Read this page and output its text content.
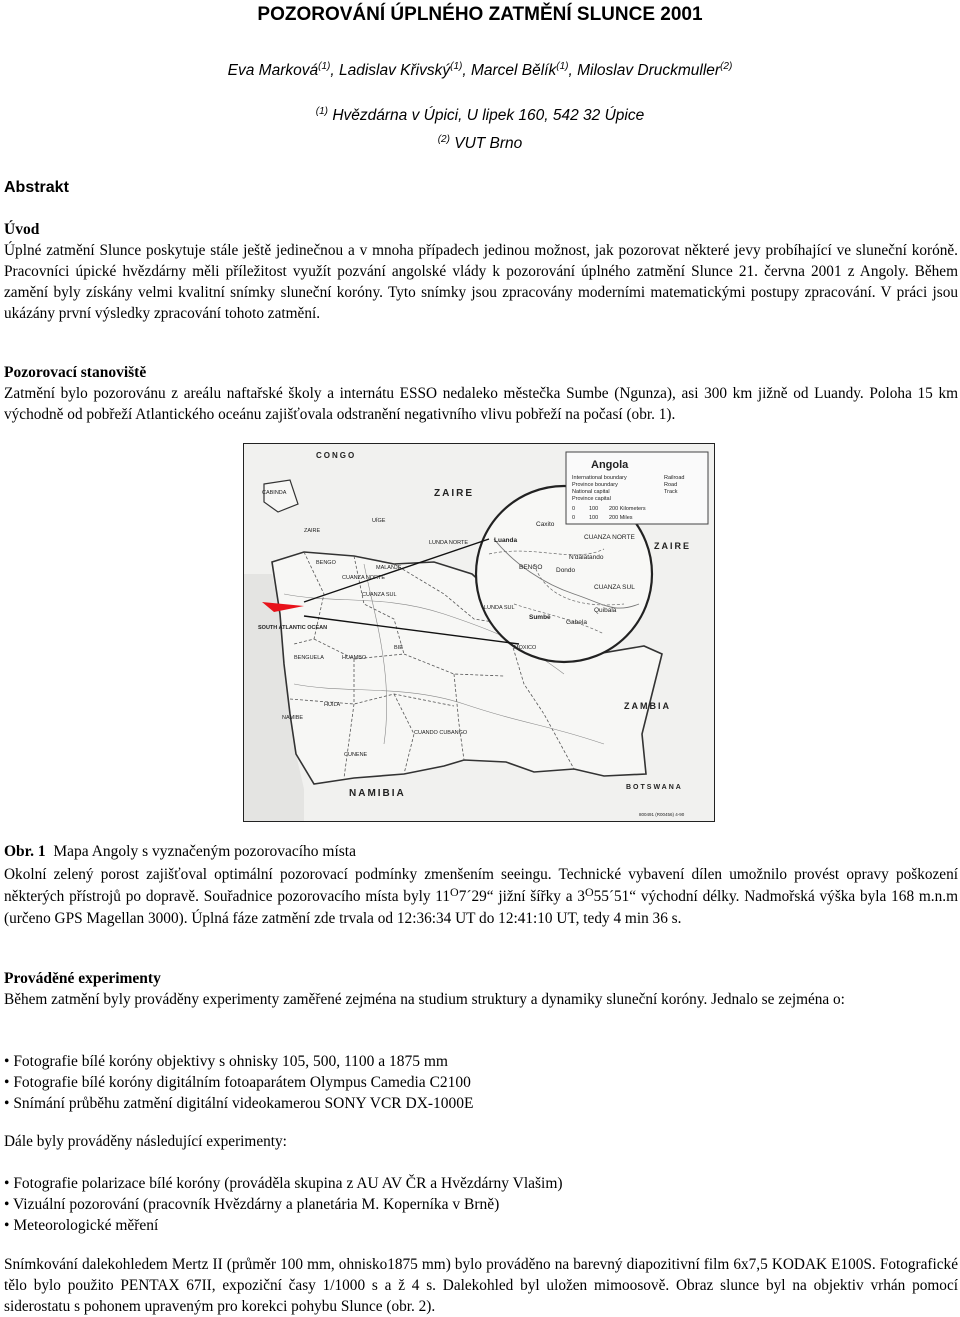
POZOROVÁNÍ ÚPLNÉHO ZATMĚNÍ SLUNCE 2001
Eva Marková$^{(1)}$, Ladislav Křivský$^{(1)}$, Marcel Bělík$^{(1)}$, Miloslav Druckmuller$^{(2)}$
$^{(1)}$ Hvězdárna v Úpici, U lipek 160, 542 32 Úpice
$^{(2)}$ VUT Brno
Abstrakt
Úvod
Úplné zatmění Slunce poskytuje stále ještě jedinečnou a v mnoha případech jedinou možnost, jak pozorovat některé jevy probíhající ve sluneční koróně. Pracovníci úpické hvězdárny měli příležitost využít pozvání angolské vlády k pozorování úplného zatmění Slunce 21. června 2001 z Angoly. Během zamění byly získány velmi kvalitní snímky sluneční koróny. Tyto snímky jsou zpracovány moderními matematickými postupy zpracování. V práci jsou ukázány první výsledky zpracování tohoto zatmění.
Pozorovací stanoviště
Zatmění bylo pozorovánu z areálu naftařské školy a internátu ESSO nedaleko městečka Sumbe (Ngunza), asi 300 km jižně od Luandy. Poloha 15 km východně od pobřeží Atlantického oceánu zajišťovala odstranění negativního vlivu pobřeží na počasí (obr. 1).
Angola
International boundary
Province boundary
National capital
Province capital
Railroad
Road
Track
0	100 200 Kilometers
0	100 200 Miles
CONGO
ZAIRE
ZAIRE
ZAMBIA
NAMIBIA
BOTSWANA
SOUTH ATLANTIC OCEAN
CABINDA
ZAIRE
UÍGE
MALANJE
LUNDA NORTE
LUNDA SUL
BENGO
CUANZA NORTE
CUANZA SUL
BIÉ
HUAMBO
BENGUELA
HUÍLA
NAMIBE
CUNENE
CUANDO CUBANGO
MOXICO
Caxito
Luanda
BENGO
CUANZA NORTE
N'dalatando
Dondo
CUANZA SUL
Quibala
Sumbe
Gabela
800491 (R00456) 4-90
Obr. 1 Mapa Angoly s vyznačeným pozorovacího místa
Okolní zelený porost zajišťoval optimální pozorovací podmínky zmenšením seeingu. Technické vybavení dílen umožnilo provést opravy poškození některých přístrojů po dopravě. Souřadnice pozorovacího místa byly $11^O7´29“$ jižní šířky a $3^O55´51“$ východní délky. Nadmořská výška byla 168 m.n.m (určeno GPS Magellan 3000). Úplná fáze zatmění zde trvala od 12:36:34 UT do 12:41:10 UT, tedy 4 min 36 s.
Prováděné experimenty
Během zatmění byly prováděny experimenty zaměřené zejména na studium struktury a dynamiky sluneční koróny. Jednalo se zejména o:
• Fotografie bílé koróny objektivy s ohnisky 105, 500, 1100 a 1875 mm
• Fotografie bílé koróny digitálním fotoaparátem Olympus Camedia C2100
• Snímání průběhu zatmění digitální videokamerou SONY VCR DX-1000E
Dále byly prováděny následující experimenty:
• Fotografie polarizace bílé koróny (prováděla skupina z AU AV ČR a Hvězdárny Vlašim)
• Vizuální pozorování (pracovník Hvězdárny a planetária M. Koperníka v Brně)
• Meteorologické měření
Snímkování dalekohledem Mertz II (průměr 100 mm, ohnisko1875 mm) bylo prováděno na barevný diapozitivní film 6x7,5 KODAK E100S. Fotografické tělo bylo použito PENTAX 67II, expoziční časy 1/1000 s a ž 4 s. Dalekohled byl uložen mimoosově. Obraz slunce byl na objektiv vrhán pomocí siderostatu s pohonem upraveným pro korekci pohybu Slunce (obr. 2).
